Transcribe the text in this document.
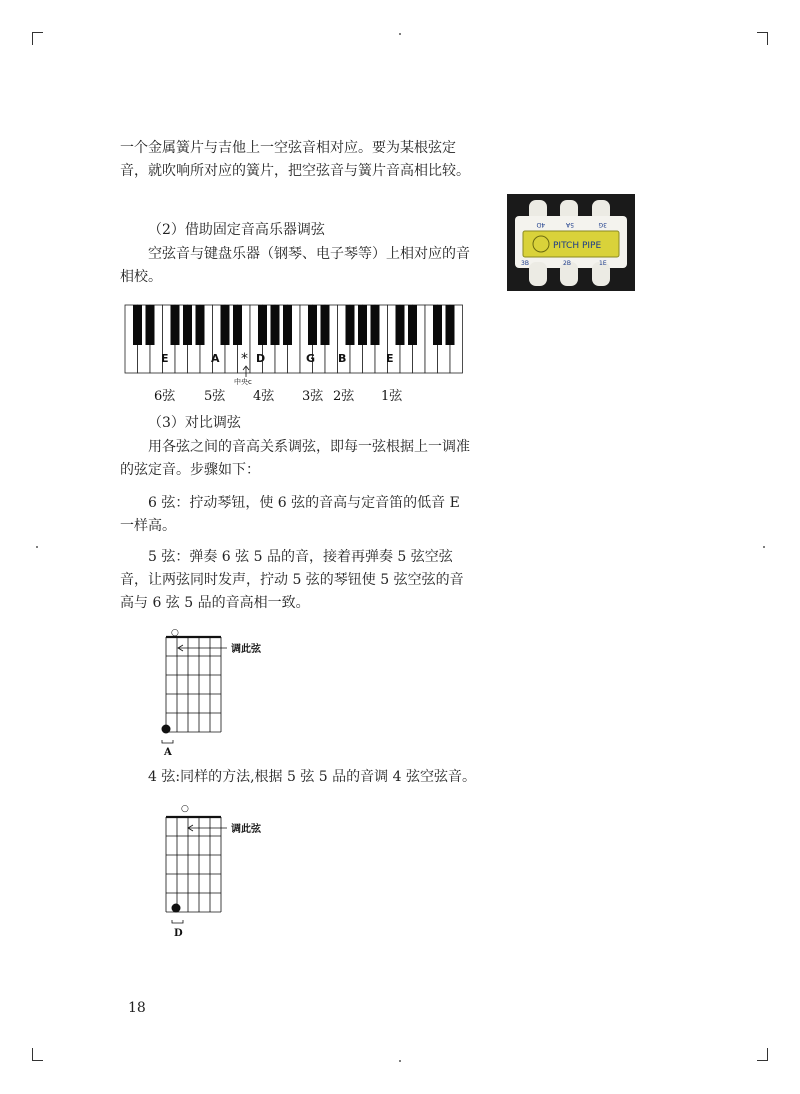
一个金属簧片与吉他上一空弦音相对应。要为某根弦定音，就吹响所对应的簧片，把空弦音与簧片音高相比较。
（2）借助固定音高乐器调弦
空弦音与键盘乐器（钢琴、电子琴等）上相对应的音相校。
PITCH PIPE
4D	5A	3G
3B	2B	1E
E	A * D	G B	E
中央c
6弦 5弦 4弦 3弦 2弦 1弦
（3）对比调弦
用各弦之间的音高关系调弦，即每一弦根据上一调准的弦定音。步骤如下：
6 弦：拧动琴钮，使 6 弦的音高与定音笛的低音 E 一样高。
5 弦：弹奏 6 弦 5 品的音，接着再弹奏 5 弦空弦音，让两弦同时发声，拧动 5 弦的琴钮使 5 弦空弦的音高与 6 弦 5 品的音高相一致。
○
调此弦
A
4 弦:同样的方法,根据 5 弦 5 品的音调 4 弦空弦音。
○
调此弦
D
18
